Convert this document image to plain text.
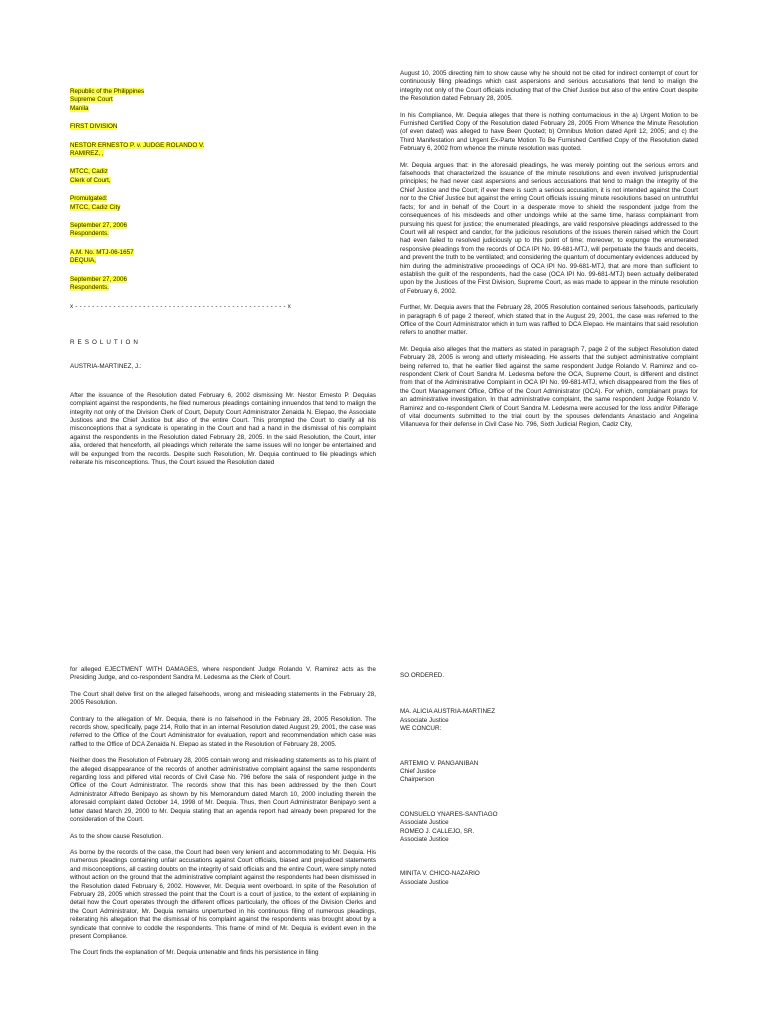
Republic of the Philippines
Supreme Court
Manila
FIRST DIVISION
NESTOR ERNESTO P. v. JUDGE ROLANDO V.
RAMIREZ, ,
MTCC, Cadiz
Clerk of Court,
Promulgated:
MTCC, Cadiz City
September 27, 2006
Respondents.
A.M. No. MTJ-06-1657
DEQUIA,
September 27, 2006
Respondents.
x - - - - - - - - - - - - - - - - - - - - - - - - - - - - - - - - - - - - - - - - - - - - - - - - - - x
RESOLUTION
AUSTRIA-MARTINEZ, J.:

After the issuance of the Resolution dated February 6, 2002 dismissing Mr. Nestor Ernesto P. Dequias complaint against the respondents, he filed numerous pleadings containing innuendos that tend to malign the integrity not only of the Division Clerk of Court, Deputy Court Administrator Zenaida N. Elepao, the Associate Justices and the Chief Justice but also of the entire Court. This prompted the Court to clarify all his misconceptions that a syndicate is operating in the Court and had a hand in the dismissal of his complaint against the respondents in the Resolution dated February 28, 2005. In the said Resolution, the Court, inter alia, ordered that henceforth, all pleadings which reiterate the same issues will no longer be entertained and will be expunged from the records. Despite such Resolution, Mr. Dequia continued to file pleadings which reiterate his misconceptions. Thus, the Court issued the Resolution dated

August 10, 2005 directing him to show cause why he should not be cited for indirect contempt of court for continuously filing pleadings which cast aspersions and serious accusations that tend to malign the integrity not only of the Court officials including that of the Chief Justice but also of the entire Court despite the Resolution dated February 28, 2005.

In his Compliance, Mr. Dequia alleges that there is nothing contumacious in the a) Urgent Motion to be Furnished Certified Copy of the Resolution dated February 28, 2005 From Whence the Minute Resolution (of even dated) was alleged to have Been Quoted; b) Omnibus Motion dated April 12, 2005; and c) the Third Manifestation and Urgent Ex-Parte Motion To Be Furnished Certified Copy of the Resolution dated February 6, 2002 from whence the minute resolution was quoted.

Mr. Dequia argues that: in the aforesaid pleadings, he was merely pointing out the serious errors and falsehoods that characterized the issuance of the minute resolutions and even involved jurisprudential principles; he had never cast aspersions and serious accusations that tend to malign the integrity of the Chief Justice and the Court; if ever there is such a serious accusation, it is not intended against the Court nor to the Chief Justice but against the erring Court officials issuing minute resolutions based on untruthful facts; for and in behalf of the Court in a desperate move to shield the respondent judge from the consequences of his misdeeds and other undoings while at the same time, harass complainant from pursuing his quest for justice; the enumerated pleadings, are valid responsive pleadings addressed to the Court will all respect and candor, for the judicious resolutions of the issues therein raised which the Court had even failed to resolved judiciously up to this point of time; moreover, to expunge the enumerated responsive pleadings from the records of OCA IPI No. 99-681-MTJ, will perpetuate the frauds and deceits, and prevent the truth to be ventilated; and considering the quantum of documentary evidences adduced by him during the administrative proceedings of OCA IPI No. 99-681-MTJ, that are more than sufficient to establish the guilt of the respondents, had the case (OCA IPI No. 99-681-MTJ) been actually deliberated upon by the Justices of the First Division, Supreme Court, as was made to appear in the minute resolution of February 6, 2002.

Further, Mr. Dequia avers that the February 28, 2005 Resolution contained serious falsehoods, particularly in paragraph 6 of page 2 thereof, which stated that in the August 29, 2001, the case was referred to the Office of the Court Administrator which in turn was raffled to DCA Elepao. He maintains that said resolution refers to another matter.

Mr. Dequia also alleges that the matters as stated in paragraph 7, page 2 of the subject Resolution dated February 28, 2005 is wrong and utterly misleading. He asserts that the subject administrative complaint being referred to, that he earlier filed against the same respondent Judge Rolando V. Ramirez and co-respondent Clerk of Court Sandra M. Ledesma before the OCA, Supreme Court, is different and distinct from that of the Administrative Complaint in OCA IPI No. 99-681-MTJ, which disappeared from the files of the Court Management Office, Office of the Court Administrator (OCA). For which, complainant prays for an administrative investigation. In that administrative complaint, the same respondent Judge Rolando V. Ramirez and co-respondent Clerk of Court Sandra M. Ledesma were accused for the loss and/or Pilferage of vital documents submitted to the trial court by the spouses defendants Anastacio and Angelina Villanueva for their defense in Civil Case No. 796, Sixth Judicial Region, Cadiz City,

for alleged EJECTMENT WITH DAMAGES, where respondent Judge Rolando V. Ramirez acts as the Presiding Judge, and co-respondent Sandra M. Ledesma as the Clerk of Court.

The Court shall delve first on the alleged falsehoods, wrong and misleading statements in the February 28, 2005 Resolution.

Contrary to the allegation of Mr. Dequia, there is no falsehood in the February 28, 2005 Resolution. The records show, specifically, page 214, Rollo that in an internal Resolution dated August 29, 2001, the case was referred to the Office of the Court Administrator for evaluation, report and recommendation which case was raffled to the Office of DCA Zenaida N. Elepao as stated in the Resolution of February 28, 2005.

Neither does the Resolution of February 28, 2005 contain wrong and misleading statements as to his plaint of the alleged disappearance of the records of another administrative complaint against the same respondents regarding loss and pilfered vital records of Civil Case No. 796 before the sala of respondent judge in the Office of the Court Administrator. The records show that this has been addressed by the then Court Administrator Alfredo Benipayo as shown by his Memorandum dated March 10, 2000 including therein the aforesaid complaint dated October 14, 1998 of Mr. Dequia. Thus, then Court Administrator Benipayo sent a letter dated March 29, 2000 to Mr. Dequia stating that an agenda report had already been prepared for the consideration of the Court.

As to the show cause Resolution.

As borne by the records of the case, the Court had been very lenient and accommodating to Mr. Dequia. His numerous pleadings containing unfair accusations against Court officials, biased and prejudiced statements and misconceptions, all casting doubts on the integrity of said officials and the entire Court, were simply noted without action on the ground that the administrative complaint against the respondents had been dismissed in the Resolution dated February 6, 2002. However, Mr. Dequia went overboard. In spite of the Resolution of February 28, 2005 which stressed the point that the Court is a court of justice, to the extent of explaining in detail how the Court operates through the different offices particularly, the offices of the Division Clerks and the Court Administrator, Mr. Dequia remains unperturbed in his continuous filing of numerous pleadings, reiterating his allegation that the dismissal of his complaint against the respondents was brought about by a syndicate that connive to coddle the respondents. This frame of mind of Mr. Dequia is evident even in the present Compliance.

The Court finds the explanation of Mr. Dequia untenable and finds his persistence in filing

SO ORDERED.
MA. ALICIA AUSTRIA-MARTINEZ
Associate Justice
WE CONCUR:
ARTEMIO V. PANGANIBAN
Chief Justice
Chairperson
CONSUELO YNARES-SANTIAGO
Associate Justice
ROMEO J. CALLEJO, SR.
Associate Justice
MINITA V. CHICO-NAZARIO
Associate Justice
